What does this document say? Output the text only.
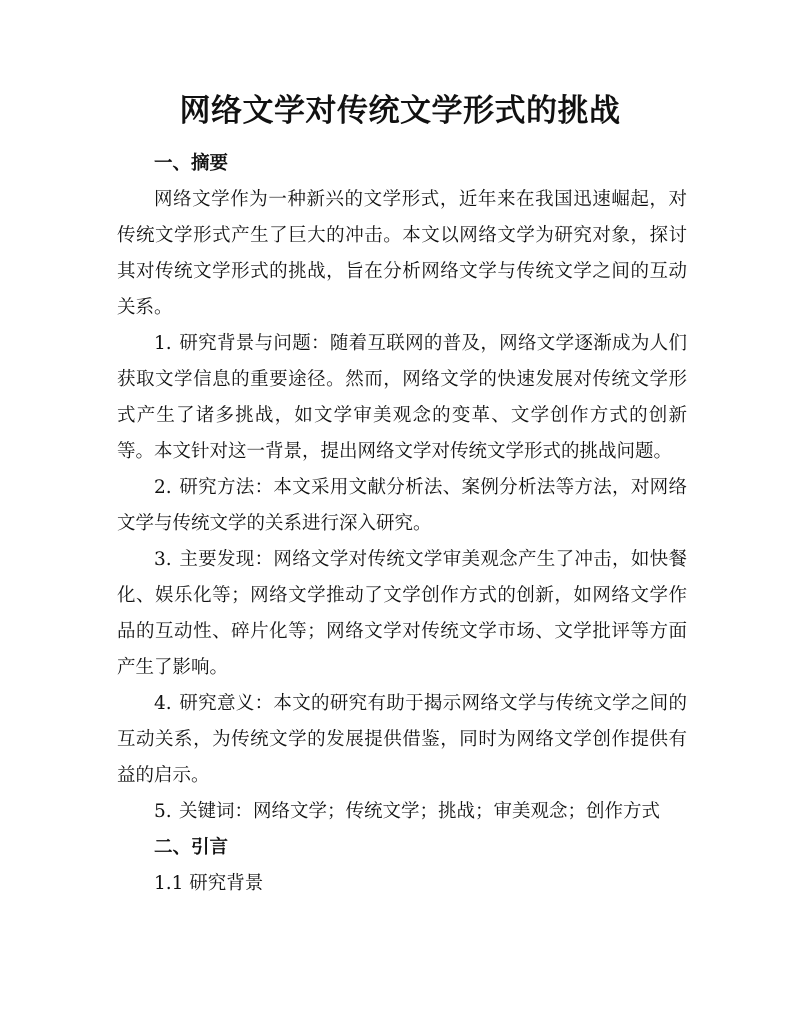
网络文学对传统文学形式的挑战

一、摘要

网络文学作为一种新兴的文学形式，近年来在我国迅速崛起，对传统文学形式产生了巨大的冲击。本文以网络文学为研究对象，探讨其对传统文学形式的挑战，旨在分析网络文学与传统文学之间的互动关系。

1. 研究背景与问题：随着互联网的普及，网络文学逐渐成为人们获取文学信息的重要途径。然而，网络文学的快速发展对传统文学形式产生了诸多挑战，如文学审美观念的变革、文学创作方式的创新等。本文针对这一背景，提出网络文学对传统文学形式的挑战问题。

2. 研究方法：本文采用文献分析法、案例分析法等方法，对网络文学与传统文学的关系进行深入研究。

3. 主要发现：网络文学对传统文学审美观念产生了冲击，如快餐化、娱乐化等；网络文学推动了文学创作方式的创新，如网络文学作品的互动性、碎片化等；网络文学对传统文学市场、文学批评等方面产生了影响。

4. 研究意义：本文的研究有助于揭示网络文学与传统文学之间的互动关系，为传统文学的发展提供借鉴，同时为网络文学创作提供有益的启示。

5. 关键词：网络文学；传统文学；挑战；审美观念；创作方式

二、引言

1.1 研究背景
